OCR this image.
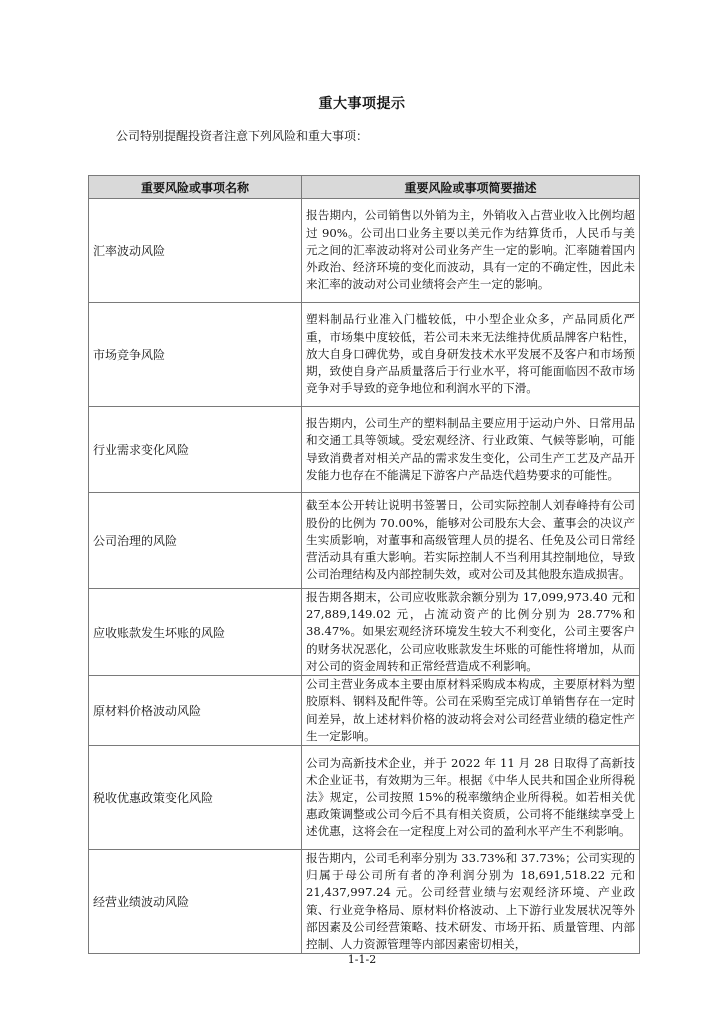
重大事项提示
公司特别提醒投资者注意下列风险和重大事项：
重要风险或事项名称	重要风险或事项简要描述
汇率波动风险	报告期内，公司销售以外销为主，外销收入占营业收入比例均超过 90%。公司出口业务主要以美元作为结算货币，人民币与美元之间的汇率波动将对公司业务产生一定的影响。汇率随着国内外政治、经济环境的变化而波动，具有一定的不确定性，因此未来汇率的波动对公司业绩将会产生一定的影响。
市场竞争风险	塑料制品行业准入门槛较低，中小型企业众多，产品同质化严重，市场集中度较低，若公司未来无法维持优质品牌客户粘性，放大自身口碑优势，或自身研发技术水平发展不及客户和市场预期，致使自身产品质量落后于行业水平，将可能面临因不敌市场竞争对手导致的竞争地位和利润水平的下滑。
行业需求变化风险	报告期内，公司生产的塑料制品主要应用于运动户外、日常用品和交通工具等领域。受宏观经济、行业政策、气候等影响，可能导致消费者对相关产品的需求发生变化，公司生产工艺及产品开发能力也存在不能满足下游客户产品迭代趋势要求的可能性。
公司治理的风险	截至本公开转让说明书签署日，公司实际控制人刘春峰持有公司股份的比例为 70.00%，能够对公司股东大会、董事会的决议产生实质影响，对董事和高级管理人员的提名、任免及公司日常经营活动具有重大影响。若实际控制人不当利用其控制地位，导致公司治理结构及内部控制失效，或对公司及其他股东造成损害。
应收账款发生坏账的风险	报告期各期末，公司应收账款余额分别为 17,099,973.40 元和 27,889,149.02 元，占流动资产的比例分别为 28.77%和 38.47%。如果宏观经济环境发生较大不利变化，公司主要客户的财务状况恶化，公司应收账款发生坏账的可能性将增加，从而对公司的资金周转和正常经营造成不利影响。
原材料价格波动风险	公司主营业务成本主要由原材料采购成本构成，主要原材料为塑胶原料、钢料及配件等。公司在采购至完成订单销售存在一定时间差异，故上述材料价格的波动将会对公司经营业绩的稳定性产生一定影响。
税收优惠政策变化风险	公司为高新技术企业，并于 2022 年 11 月 28 日取得了高新技术企业证书，有效期为三年。根据《中华人民共和国企业所得税法》规定，公司按照 15%的税率缴纳企业所得税。如若相关优惠政策调整或公司今后不具有相关资质，公司将不能继续享受上述优惠，这将会在一定程度上对公司的盈利水平产生不利影响。
经营业绩波动风险	报告期内，公司毛利率分别为 33.73%和 37.73%；公司实现的归属于母公司所有者的净利润分别为 18,691,518.22 元和 21,437,997.24 元。公司经营业绩与宏观经济环境、产业政策、行业竞争格局、原材料价格波动、上下游行业发展状况等外部因素及公司经营策略、技术研发、市场开拓、质量管理、内部控制、人力资源管理等内部因素密切相关，
1-1-2
